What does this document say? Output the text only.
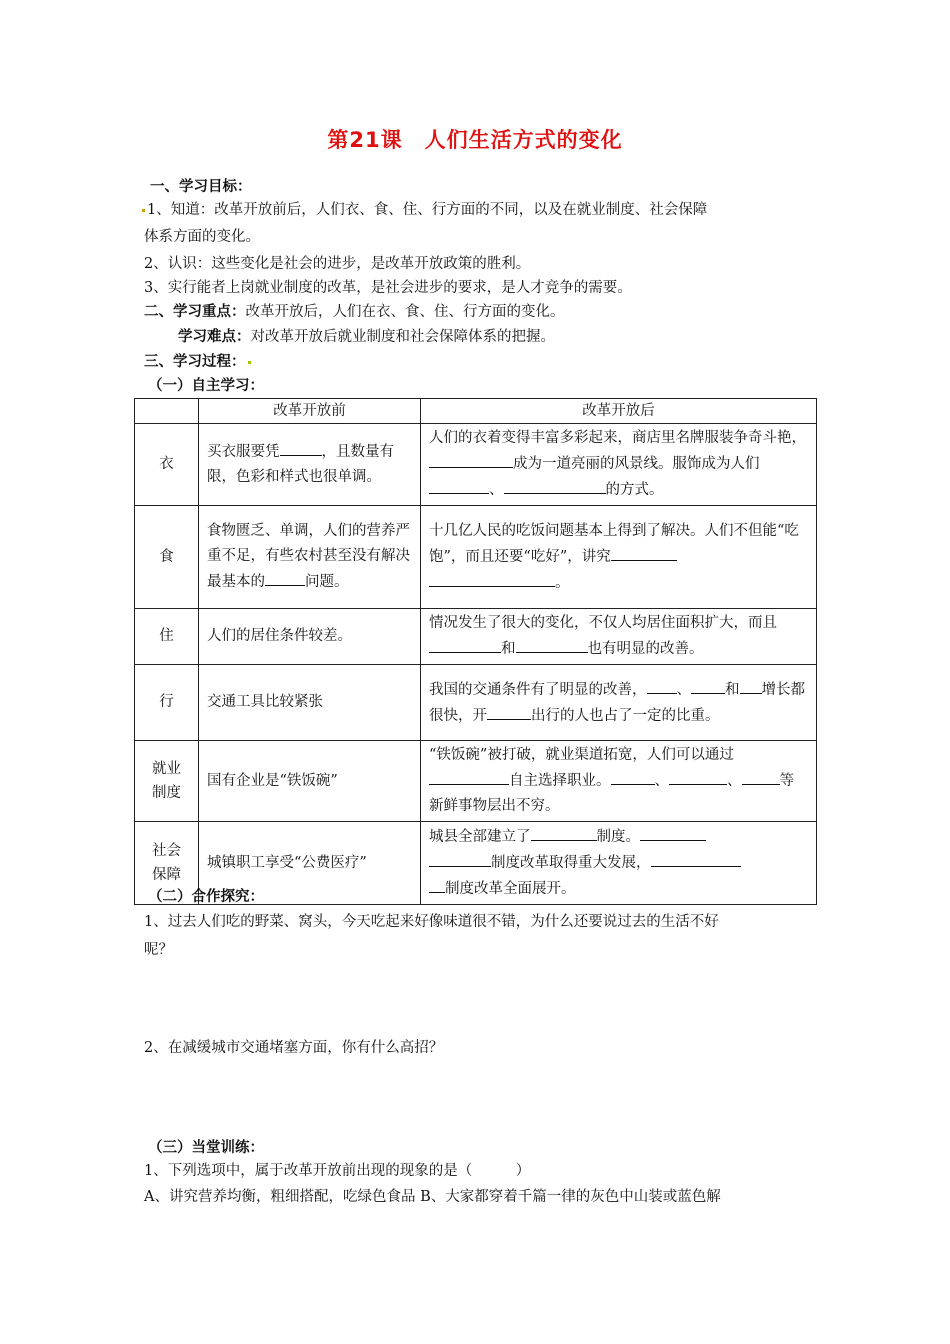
第21课　人们生活方式的变化
一、学习目标：
1、知道：改革开放前后，人们衣、食、住、行方面的不同，以及在就业制度、社会保障
体系方面的变化。
2、认识：这些变化是社会的进步，是改革开放政策的胜利。
3、实行能者上岗就业制度的改革，是社会进步的要求，是人才竞争的需要。
二、学习重点：改革开放后，人们在衣、食、住、行方面的变化。
学习难点：对改革开放后就业制度和社会保障体系的把握。
三、学习过程：
（一）自主学习：
	改革开放前	改革开放后
衣	买衣服要凭 ，且数量有限，色彩和样式也很单调。	人们的衣着变得丰富多彩起来，商店里名牌服装争奇斗艳，成为一道亮丽的风景线。服饰成为人们、 的方式。
食	食物匮乏、单调，人们的营养严重不足，有些农村甚至没有解决最基本的 问题。	十几亿人民的吃饭问题基本上得到了解决。人们不但能“吃饱”，而且还要“吃好”，讲究
。
住	人们的居住条件较差。	情况发生了很大的变化，不仅人均居住面积扩大，而且和 也有明显的改善。
行	交通工具比较紧张	我国的交通条件有了明显的改善， 、 和 增长都很快，开 出行的人也占了一定的比重。
就业
制度	国有企业是“铁饭碗”	“铁饭碗”被打破，就业渠道拓宽，人们可以通过
自主选择职业。 、 、 等新鲜事物层出不穷。
社会
保障	城镇职工享受“公费医疗”	城县全部建立了 制度。
制度改革取得重大发展，
制度改革全面展开。
（二）合作探究：
1、过去人们吃的野菜、窝头，今天吃起来好像味道很不错，为什么还要说过去的生活不好
呢？
2、在减缓城市交通堵塞方面，你有什么高招？
（三）当堂训练：
1、下列选项中，属于改革开放前出现的现象的是（　　　）
A、讲究营养均衡，粗细搭配，吃绿色食品 B、大家都穿着千篇一律的灰色中山装或蓝色解
